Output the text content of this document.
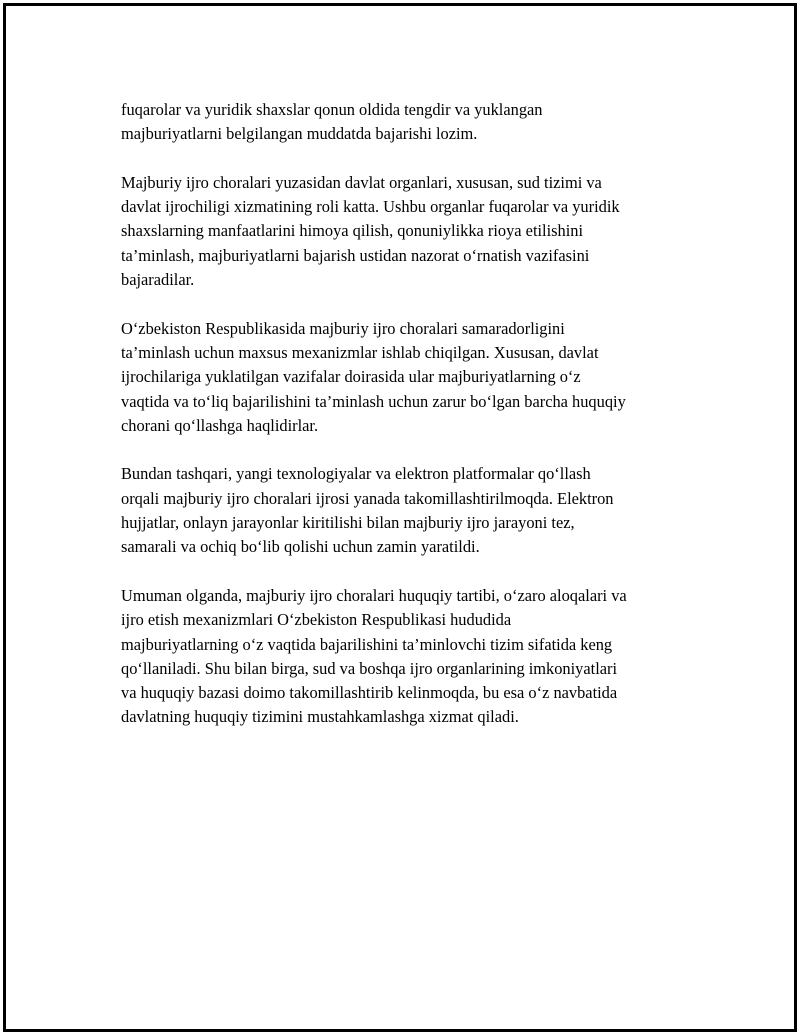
fuqarolar va yuridik shaxslar qonun oldida tengdir va yuklangan
majburiyatlarni belgilangan muddatda bajarishi lozim.

Majburiy ijro choralari yuzasidan davlat organlari, xususan, sud tizimi va
davlat ijrochiligi xizmatining roli katta. Ushbu organlar fuqarolar va yuridik
shaxslarning manfaatlarini himoya qilish, qonuniylikka rioya etilishini
ta’minlash, majburiyatlarni bajarish ustidan nazorat o‘rnatish vazifasini
bajaradilar.

O‘zbekiston Respublikasida majburiy ijro choralari samaradorligini
ta’minlash uchun maxsus mexanizmlar ishlab chiqilgan. Xususan, davlat
ijrochilariga yuklatilgan vazifalar doirasida ular majburiyatlarning o‘z
vaqtida va to‘liq bajarilishini ta’minlash uchun zarur bo‘lgan barcha huquqiy
chorani qo‘llashga haqlidirlar.

Bundan tashqari, yangi texnologiyalar va elektron platformalar qo‘llash
orqali majburiy ijro choralari ijrosi yanada takomillashtirilmoqda. Elektron
hujjatlar, onlayn jarayonlar kiritilishi bilan majburiy ijro jarayoni tez,
samarali va ochiq bo‘lib qolishi uchun zamin yaratildi.

Umuman olganda, majburiy ijro choralari huquqiy tartibi, o‘zaro aloqalari va
ijro etish mexanizmlari O‘zbekiston Respublikasi hududida
majburiyatlarning o‘z vaqtida bajarilishini ta’minlovchi tizim sifatida keng
qo‘llaniladi. Shu bilan birga, sud va boshqa ijro organlarining imkoniyatlari
va huquqiy bazasi doimo takomillashtirib kelinmoqda, bu esa o‘z navbatida
davlatning huquqiy tizimini mustahkamlashga xizmat qiladi.
